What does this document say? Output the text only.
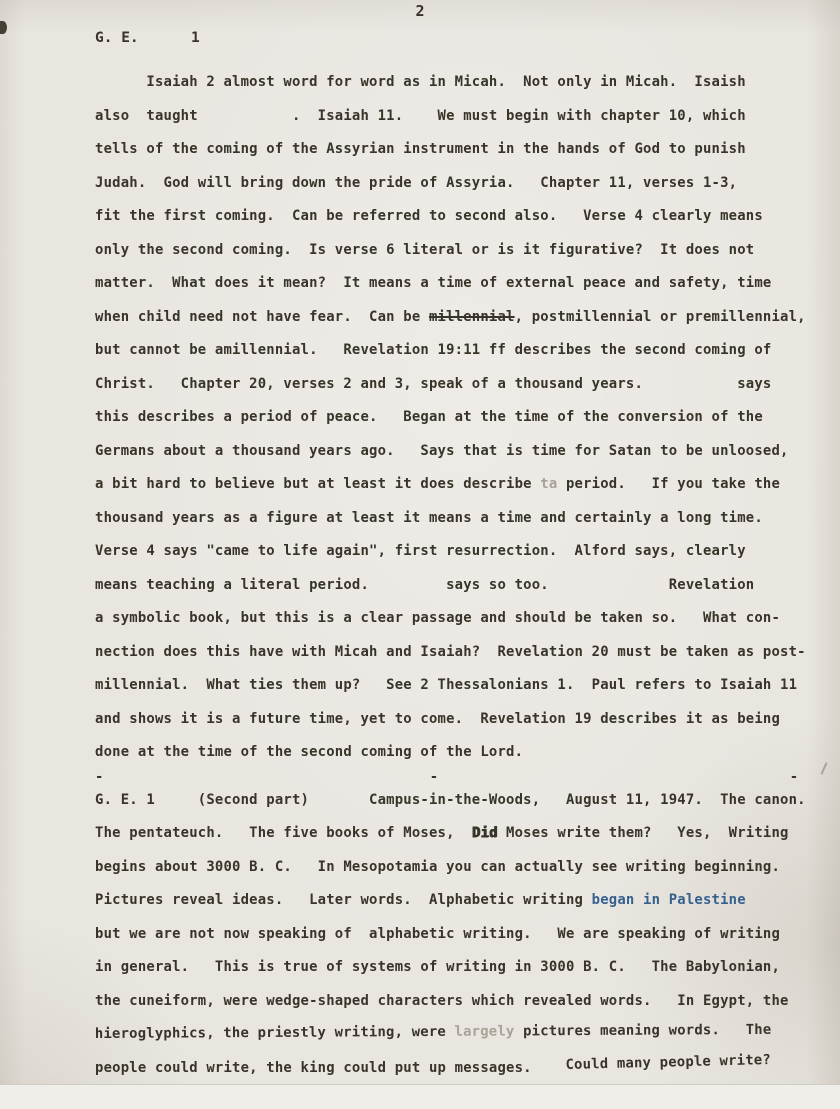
2
G. E.      1
Isaiah 2 almost word for word as in Micah.  Not only in Micah.  Isaish
also  taught           .  Isaiah 11.    We must begin with chapter 10, which
tells of the coming of the Assyrian instrument in the hands of God to punish
Judah.  God will bring down the pride of Assyria.   Chapter 11, verses 1-3,
fit the first coming.  Can be referred to second also.   Verse 4 clearly means
only the second coming.  Is verse 6 literal or is it figurative?  It does not
matter.  What does it mean?  It means a time of external peace and safety, time
when child need not have fear.  Can be millennial, postmillennial or premillennial,
but cannot be amillennial.   Revelation 19:11 ff describes the second coming of
Christ.   Chapter 20, verses 2 and 3, speak of a thousand years.           says
this describes a period of peace.   Began at the time of the conversion of the
Germans about a thousand years ago.   Says that is time for Satan to be unloosed,
a bit hard to believe but at least it does describe ta period.   If you take the
thousand years as a figure at least it means a time and certainly a long time.
Verse 4 says "came to life again", first resurrection.  Alford says, clearly
means teaching a literal period.         says so too.              Revelation
a symbolic book, but this is a clear passage and should be taken so.   What con-
nection does this have with Micah and Isaiah?  Revelation 20 must be taken as post-
millennial.  What ties them up?   See 2 Thessalonians 1.  Paul refers to Isaiah 11
and shows it is a future time, yet to come.  Revelation 19 describes it as being
done at the time of the second coming of the Lord.
-	-	-
G. E. 1     (Second part)       Campus-in-the-Woods,   August 11, 1947.  The canon.
The pentateuch.   The five books of Moses,  Did Moses write them?   Yes,  Writing
begins about 3000 B. C.   In Mesopotamia you can actually see writing beginning.
Pictures reveal ideas.   Later words.  Alphabetic writing began in Palestine
but we are not now speaking of  alphabetic writing.   We are speaking of writing
in general.   This is true of systems of writing in 3000 B. C.   The Babylonian,
the cuneiform, were wedge-shaped characters which revealed words.   In Egypt, the
hieroglyphics, the priestly writing, were largely pictures meaning words.   The
people could write, the king could put up messages.    Could many people write?
